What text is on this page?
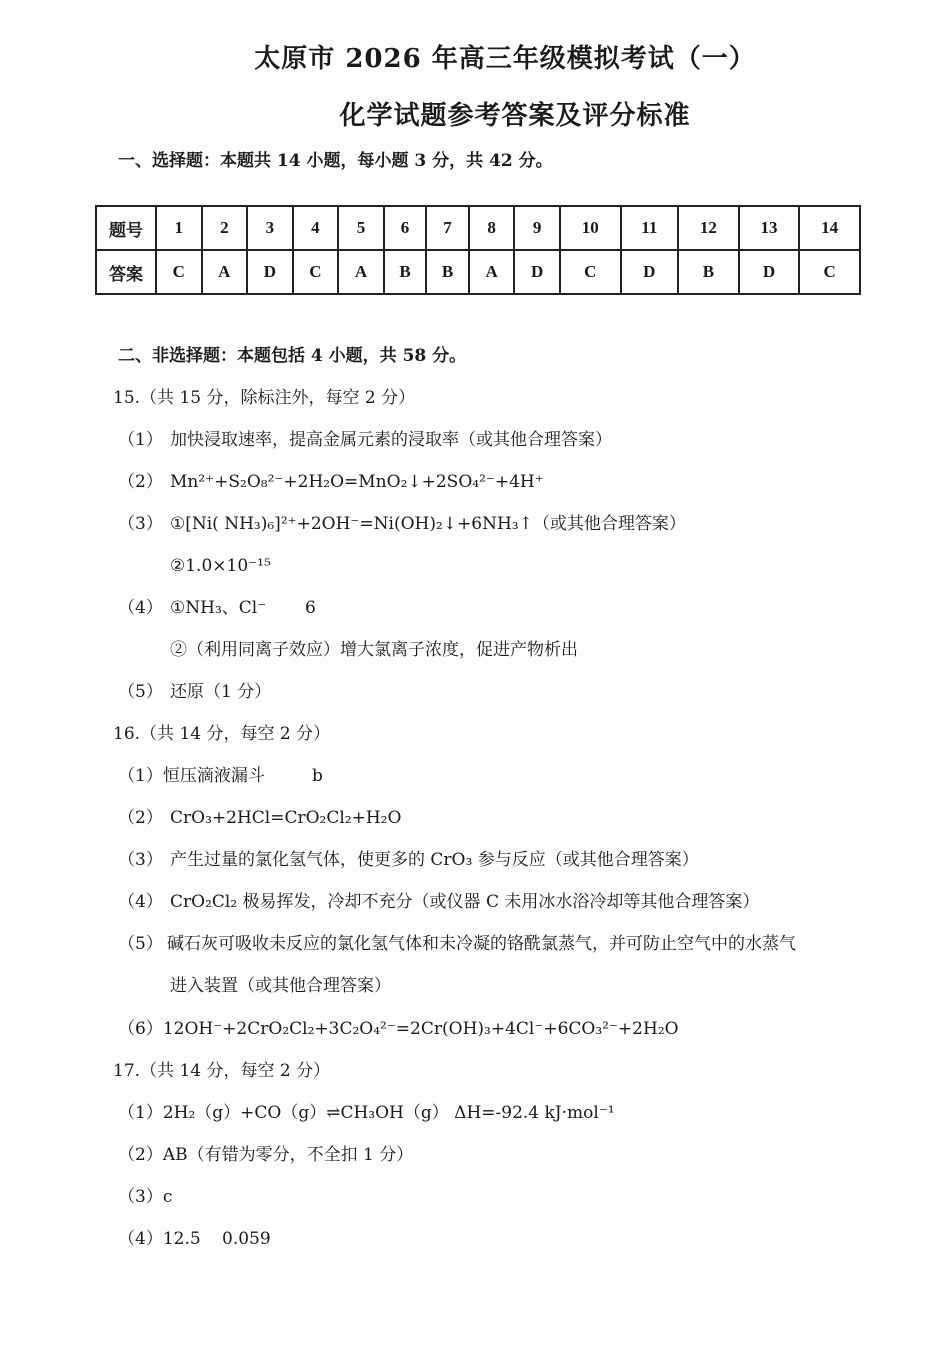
太原市 2026 年高三年级模拟考试（一）
化学试题参考答案及评分标准
一、选择题：本题共 14 小题，每小题 3 分，共 42 分。
题号	1	2	3	4	5	6	7	8	9	10	11	12	13	14
答案	C	A	D	C	A	B	B	A	D	C	D	B	D	C
二、非选择题：本题包括 4 小题，共 58 分。
15.（共 15 分，除标注外，每空 2 分）
（1） 加快浸取速率，提高金属元素的浸取率（或其他合理答案）
（2） Mn²⁺+S₂O₈²⁻+2H₂O=MnO₂↓+2SO₄²⁻+4H⁺
（3） ①[Ni( NH₃)₆]²⁺+2OH⁻=Ni(OH)₂↓+6NH₃↑（或其他合理答案）
②1.0×10⁻¹⁵
（4） ①NH₃、Cl⁻ 6
②（利用同离子效应）增大氯离子浓度，促进产物析出
（5） 还原（1 分）
16.（共 14 分，每空 2 分）
（1）恒压滴液漏斗	b
（2） CrO₃+2HCl=CrO₂Cl₂+H₂O
（3） 产生过量的氯化氢气体，使更多的 CrO₃ 参与反应（或其他合理答案）
（4） CrO₂Cl₂ 极易挥发，冷却不充分（或仪器 C 未用冰水浴冷却等其他合理答案）
（5） 碱石灰可吸收未反应的氯化氢气体和未冷凝的铬酰氯蒸气，并可防止空气中的水蒸气
进入装置（或其他合理答案）
（6）12OH⁻+2CrO₂Cl₂+3C₂O₄²⁻=2Cr(OH)₃+4Cl⁻+6CO₃²⁻+2H₂O
17.（共 14 分，每空 2 分）
（1）2H₂（g）+CO（g）⇌CH₃OH（g） ΔH=-92.4 kJ·mol⁻¹
（2）AB（有错为零分，不全扣 1 分）
（3）c
（4）12.5 0.059
